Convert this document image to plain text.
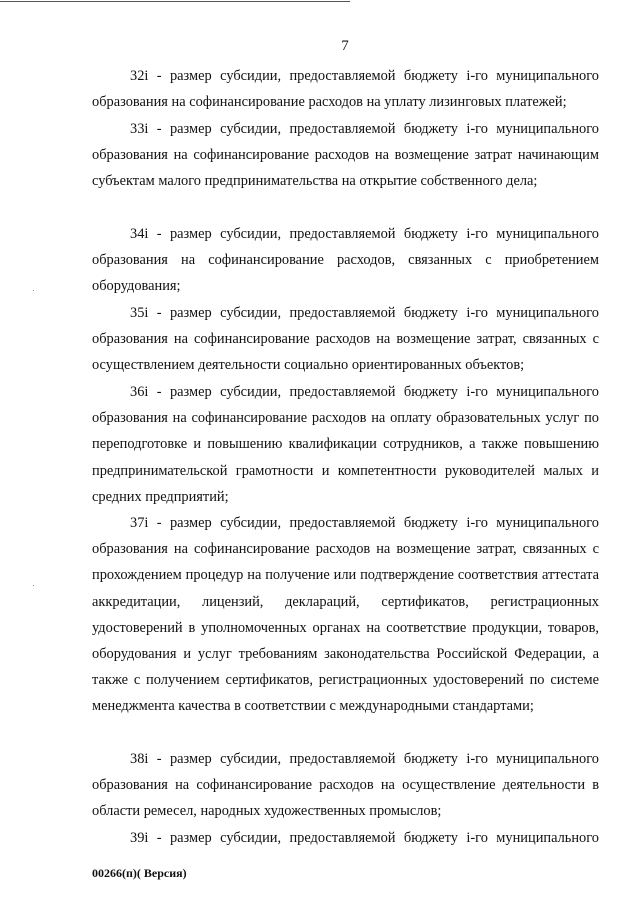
7

32i - размер субсидии, предоставляемой бюджету i-го муниципального образования на софинансирование расходов на уплату лизинговых платежей;

33i - размер субсидии, предоставляемой бюджету i-го муниципального образования на софинансирование расходов на возмещение затрат начинающим субъектам малого предпринимательства на открытие собственного дела;

34i - размер субсидии, предоставляемой бюджету i-го муниципального образования на софинансирование расходов, связанных с приобретением оборудования;

35i - размер субсидии, предоставляемой бюджету i-го муниципального образования на софинансирование расходов на возмещение затрат, связанных с осуществлением деятельности социально ориентированных объектов;

36i - размер субсидии, предоставляемой бюджету i-го муниципального образования на софинансирование расходов на оплату образовательных услуг по переподготовке и повышению квалификации сотрудников, а также повышению предпринимательской грамотности и компетентности руководителей малых и средних предприятий;

37i - размер субсидии, предоставляемой бюджету i-го муниципального образования на софинансирование расходов на возмещение затрат, связанных с прохождением процедур на получение или подтверждение соответствия аттестата аккредитации, лицензий, деклараций, сертификатов, регистрационных удостоверений в уполномоченных органах на соответствие продукции, товаров, оборудования и услуг требованиям законодательства Российской Федерации, а также с получением сертификатов, регистрационных удостоверений по системе менеджмента качества в соответствии с международными стандартами;

38i - размер субсидии, предоставляемой бюджету i-го муниципального образования на софинансирование расходов на осуществление деятельности в области ремесел, народных художественных промыслов;

39i - размер субсидии, предоставляемой бюджету i-го муниципального

00266(п)( Версия)
